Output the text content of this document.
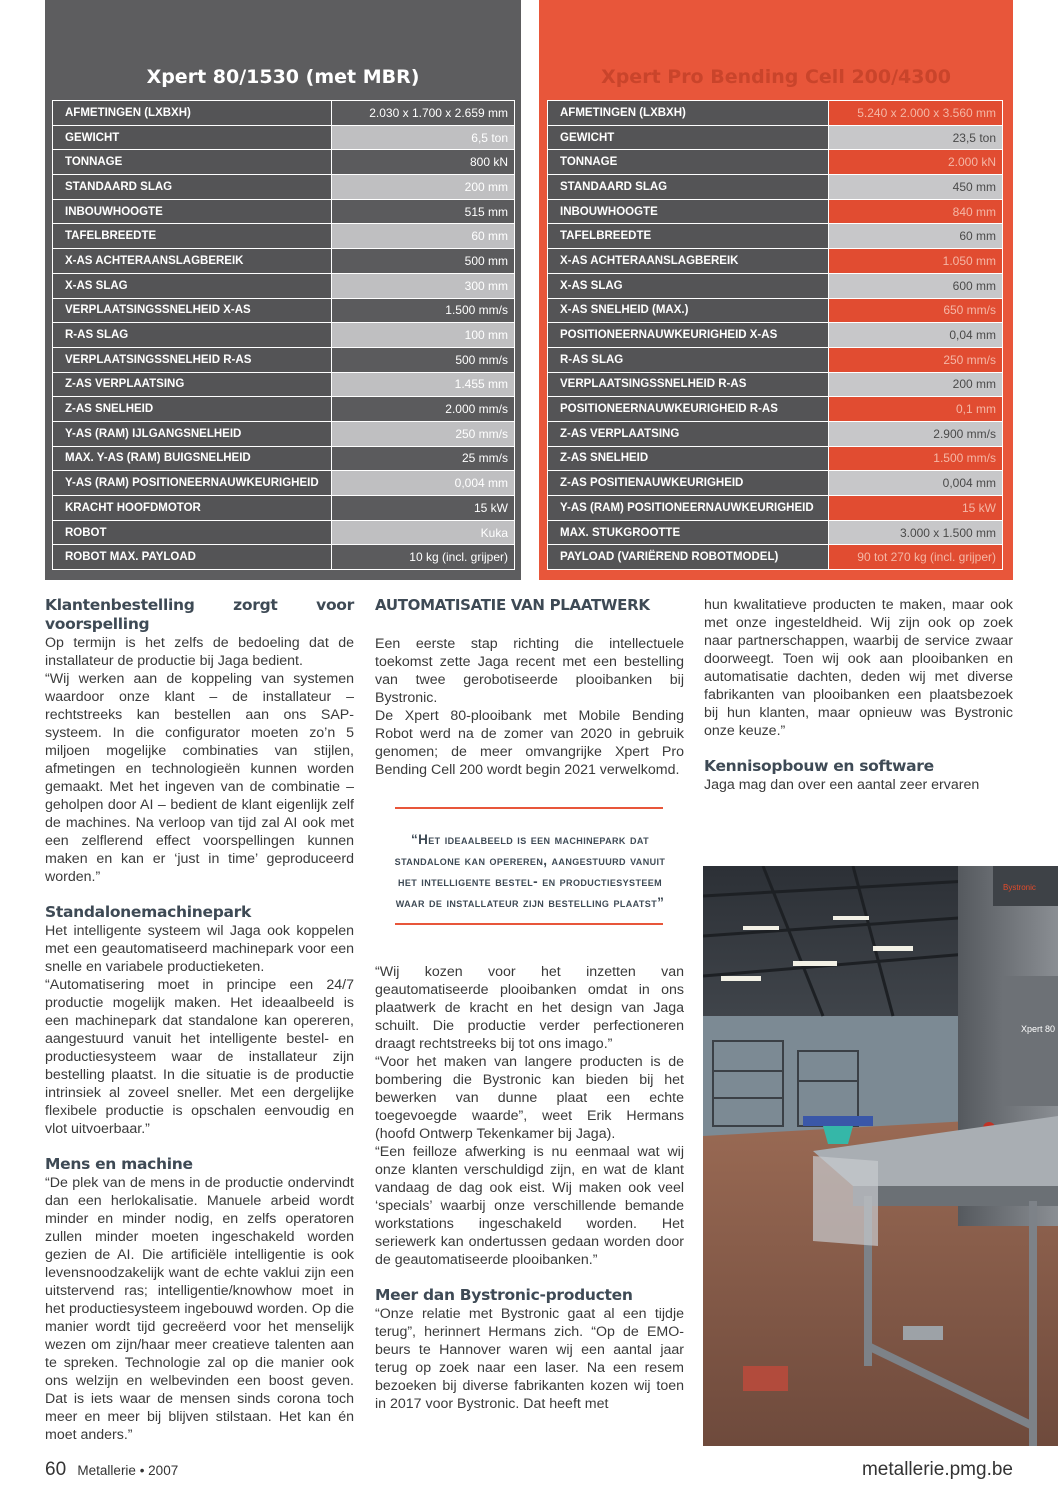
Xpert 80/1530 (met MBR)
AFMETINGEN (LXBXH)	2.030 x 1.700 x 2.659 mm
GEWICHT	6,5 ton
TONNAGE	800 kN
STANDAARD SLAG	200 mm
INBOUWHOOGTE	515 mm
TAFELBREEDTE	60 mm
X-AS ACHTERAANSLAGBEREIK	500 mm
X-AS SLAG	300 mm
VERPLAATSINGSSNELHEID X-AS	1.500 mm/s
R-AS SLAG	100 mm
VERPLAATSINGSSNELHEID R-AS	500 mm/s
Z-AS VERPLAATSING	1.455 mm
Z-AS SNELHEID	2.000 mm/s
Y-AS (RAM) IJLGANGSNELHEID	250 mm/s
MAX. Y-AS (RAM) BUIGSNELHEID	25 mm/s
Y-AS (RAM) POSITIONEERNAUWKEURIGHEID	0,004 mm
KRACHT HOOFDMOTOR	15 kW
ROBOT	Kuka
ROBOT MAX. PAYLOAD	10 kg (incl. grijper)
Xpert Pro Bending Cell 200/4300
AFMETINGEN (LXBXH)	5.240 x 2.000 x 3.560 mm
GEWICHT	23,5 ton
TONNAGE	2.000 kN
STANDAARD SLAG	450 mm
INBOUWHOOGTE	840 mm
TAFELBREEDTE	60 mm
X-AS ACHTERAANSLAGBEREIK	1.050 mm
X-AS SLAG	600 mm
X-AS SNELHEID (MAX.)	650 mm/s
POSITIONEERNAUWKEURIGHEID X-AS	0,04 mm
R-AS SLAG	250 mm/s
VERPLAATSINGSSNELHEID R-AS	200 mm
POSITIONEERNAUWKEURIGHEID R-AS	0,1 mm
Z-AS VERPLAATSING	2.900 mm/s
Z-AS SNELHEID	1.500 mm/s
Z-AS POSITIENAUWKEURIGHEID	0,004 mm
Y-AS (RAM) POSITIONEERNAUWKEURIGHEID	15 kW
MAX. STUKGROOTTE	3.000 x 1.500 mm
PAYLOAD (VARIËREND ROBOTMODEL)	90 tot 270 kg (incl. grijper)
Klantenbestelling zorgt voor voorspelling

Op termijn is het zelfs de bedoeling dat de installateur de productie bij Jaga bedient.

“Wij werken aan de koppeling van systemen waardoor onze klant – de installateur – rechtstreeks kan bestellen aan ons SAP-systeem. In die configurator moeten zo’n 5 miljoen mogelijke combinaties van stijlen, afmetingen en technologieën kunnen worden gemaakt. Met het ingeven van de combinatie – geholpen door AI – bedient de klant eigenlijk zelf de machines. Na verloop van tijd zal AI ook met een zelflerend effect voorspellingen kunnen maken en kan er ‘just in time’ geproduceerd worden.”

Standalonemachinepark

Het intelligente systeem wil Jaga ook koppelen met een geautomatiseerd machinepark voor een snelle en variabele productieketen.

“Automatisering moet in principe een 24/7 productie mogelijk maken. Het ideaalbeeld is een machinepark dat standalone kan opereren, aangestuurd vanuit het intelligente bestel- en productiesysteem waar de installateur zijn bestelling plaatst. In die situatie is de productie intrinsiek al zoveel sneller. Met een dergelijke flexibele productie is opschalen eenvoudig en vlot uitvoerbaar.”

Mens en machine

“De plek van de mens in de productie ondervindt dan een herlokalisatie. Manuele arbeid wordt minder en minder nodig, en zelfs operatoren zullen minder moeten ingeschakeld worden gezien de AI. Die artificiële intelligentie is ook levensnoodzakelijk want de echte vaklui zijn een uitstervend ras; intelligentie/knowhow moet in het productiesysteem ingebouwd worden. Op die manier wordt tijd gecreëerd voor het menselijk wezen om zijn/haar meer creatieve talenten aan te spreken. Technologie zal op die manier ook ons welzijn en welbevinden een boost geven. Dat is iets waar de mensen sinds corona toch meer en meer bij blijven stilstaan. Het kan én moet anders.”

AUTOMATISATIE VAN PLAATWERK

Een eerste stap richting die intellectuele toekomst zette Jaga recent met een bestelling van twee gerobotiseerde plooibanken bij Bystronic.

De Xpert 80-plooibank met Mobile Bending Robot werd na de zomer van 2020 in gebruik genomen; de meer omvangrijke Xpert Pro Bending Cell 200 wordt begin 2021 verwelkomd.

“Het ideaalbeeld is een machinepark dat standalone kan opereren, aangestuurd vanuit het intelligente bestel- en productiesysteem waar de installateur zijn bestelling plaatst”

“Wij kozen voor het inzetten van geautomatiseerde plooibanken omdat in ons plaatwerk de kracht en het design van Jaga schuilt. Die productie verder perfectioneren draagt rechtstreeks bij tot ons imago.”

“Voor het maken van langere producten is de bombering die Bystronic kan bieden bij het bewerken van dunne plaat een echte toegevoegde waarde”, weet Erik Hermans (hoofd Ontwerp Tekenkamer bij Jaga).

“Een feilloze afwerking is nu eenmaal wat wij onze klanten verschuldigd zijn, en wat de klant vandaag de dag ook eist. Wij maken ook veel ‘specials’ waarbij onze verschillende bemande workstations ingeschakeld worden. Het seriewerk kan ondertussen gedaan worden door de geautomatiseerde plooibanken.”

Meer dan Bystronic-producten

“Onze relatie met Bystronic gaat al een tijdje terug”, herinnert Hermans zich. “Op de EMO-beurs te Hannover waren wij een aantal jaar terug op zoek naar een laser. Na een resem bezoeken bij diverse fabrikanten kozen wij toen in 2017 voor Bystronic. Dat heeft met

hun kwalitatieve producten te maken, maar ook met onze ingesteldheid. Wij zijn ook op zoek naar partnerschappen, waarbij de service zwaar doorweegt. Toen wij ook aan plooibanken en automatisatie dachten, deden wij met diverse fabrikanten van plooibanken een plaatsbezoek bij hun klanten, maar opnieuw was Bystronic onze keuze.”

Kennisopbouw en software

Jaga mag dan over een aantal zeer ervaren

Bystronic
Xpert 80
60 Metallerie • 2007	metallerie.pmg.be
